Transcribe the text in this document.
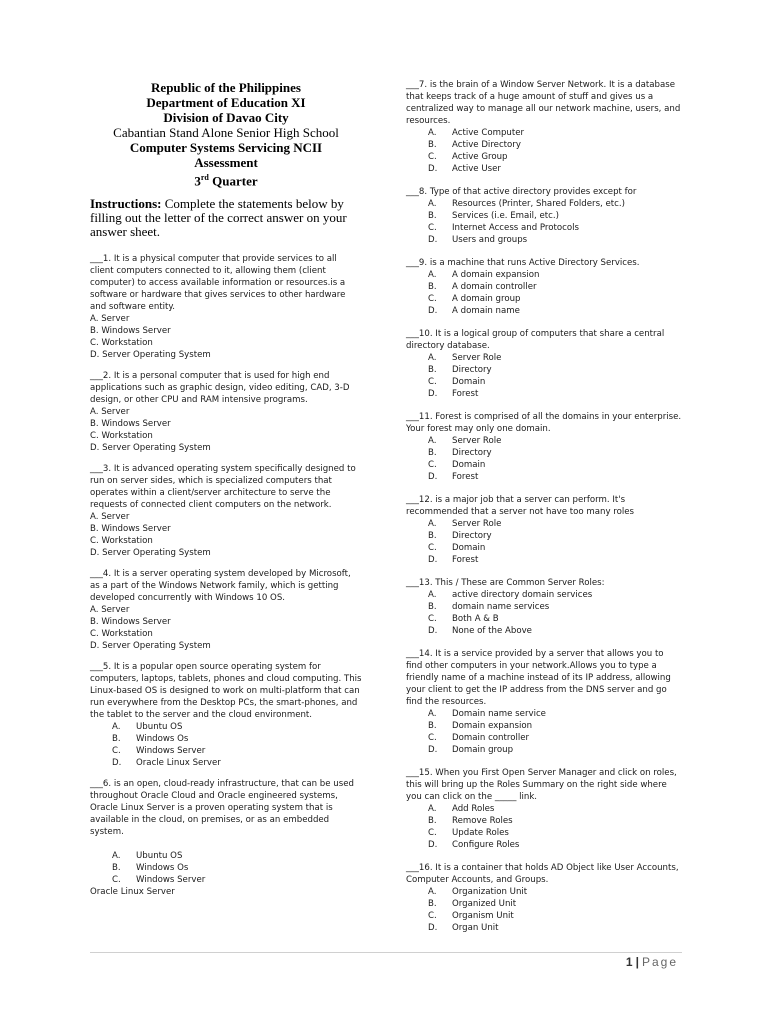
Republic of the Philippines
Department of Education XI
Division of Davao City
Cabantian Stand Alone Senior High School
Computer Systems Servicing NCII
Assessment
3rd Quarter
Instructions: Complete the statements below by filling out the letter of the correct answer on your answer sheet.
___1. It is a physical computer that provide services to all client computers connected to it, allowing them (client computer) to access available information or resources.is a software or hardware that gives services to other hardware and software entity.
A. Server
B. Windows Server
C. Workstation
D. Server Operating System
___2. It is a personal computer that is used for high end applications such as graphic design, video editing, CAD, 3-D design, or other CPU and RAM intensive programs.
A. Server
B. Windows Server
C. Workstation
D. Server Operating System
___3. It is advanced operating system specifically designed to run on server sides, which is specialized computers that operates within a client/server architecture to serve the requests of connected client computers on the network.
A. Server
B. Windows Server
C. Workstation
D. Server Operating System
___4. It is a server operating system developed by Microsoft, as a part of the Windows Network family, which is getting developed concurrently with Windows 10 OS.
A. Server
B. Windows Server
C. Workstation
D. Server Operating System
___5. It is a popular open source operating system for computers, laptops, tablets, phones and cloud computing. This Linux-based OS is designed to work on multi-platform that can run everywhere from the Desktop PCs, the smart-phones, and the tablet to the server and the cloud environment.
A.	Ubuntu OS
B.	Windows Os
C.	Windows Server
D.	Oracle Linux Server
___6. is an open, cloud-ready infrastructure, that can be used throughout Oracle Cloud and Oracle engineered systems, Oracle Linux Server is a proven operating system that is available in the cloud, on premises, or as an embedded system.
A.	Ubuntu OS
B.	Windows Os
C.	Windows Server
Oracle Linux Server
___7. is the brain of a Window Server Network. It is a database that keeps track of a huge amount of stuff and gives us a centralized way to manage all our network machine, users, and resources.
A.	Active Computer
B.	Active Directory
C.	Active Group
D.	Active User
___8. Type of that active directory provides except for
A.	Resources (Printer, Shared Folders, etc.)
B.	Services (i.e. Email, etc.)
C.	Internet Access and Protocols
D.	Users and groups
___9. is a machine that runs Active Directory Services.
A.	A domain expansion
B.	A domain controller
C.	A domain group
D.	A domain name
___10. It is a logical group of computers that share a central directory database.
A.	Server Role
B.	Directory
C.	Domain
D.	Forest
___11. Forest is comprised of all the domains in your enterprise. Your forest may only one domain.
A.	Server Role
B.	Directory
C.	Domain
D.	Forest
___12. is a major job that a server can perform. It's recommended that a server not have too many roles
A.	Server Role
B.	Directory
C.	Domain
D.	Forest
___13. This / These are Common Server Roles:
A.	active directory domain services
B.	domain name services
C.	Both A & B
D.	None of the Above
___14. It is a service provided by a server that allows you to find other computers in your network.Allows you to type a friendly name of a machine instead of its IP address, allowing your client to get the IP address from the DNS server and go find the resources.
A.	Domain name service
B.	Domain expansion
C.	Domain controller
D.	Domain group
___15. When you First Open Server Manager and click on roles, this will bring up the Roles Summary on the right side where you can click on the _____ link.
A.	Add Roles
B.	Remove Roles
C.	Update Roles
D.	Configure Roles
___16. It is a container that holds AD Object like User Accounts, Computer Accounts, and Groups.
A.	Organization Unit
B.	Organized Unit
C.	Organism Unit
D.	Organ Unit
1 | Page
